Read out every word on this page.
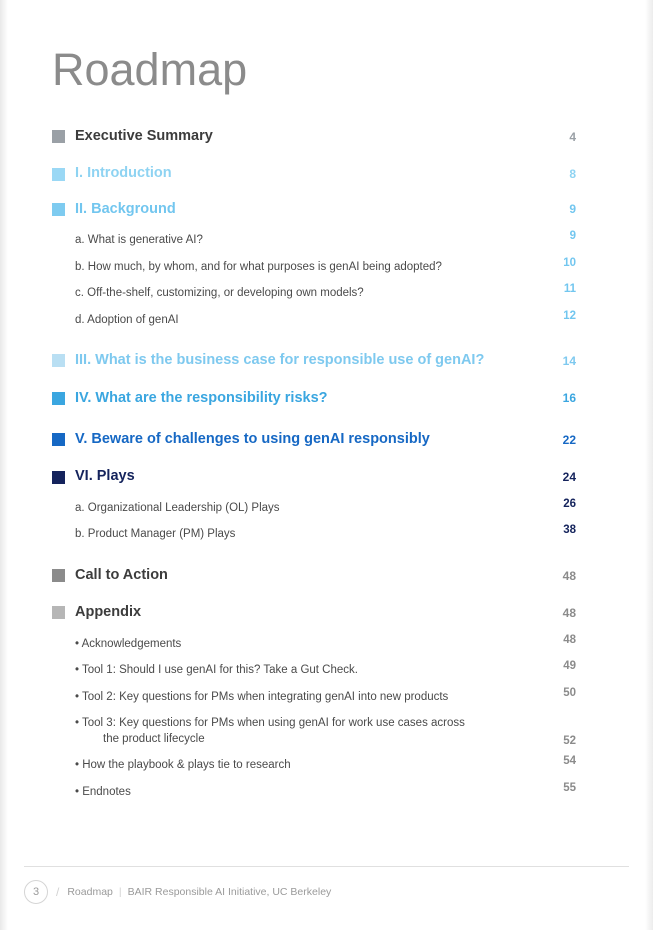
Roadmap
Executive Summary	4
I. Introduction	8
II. Background	9
a. What is generative AI?	9
b. How much, by whom, and for what purposes is genAI being adopted?	10
c. Off-the-shelf, customizing, or developing own models?	11
d. Adoption of genAI	12
III. What is the business case for responsible use of genAI?	14
IV. What are the responsibility risks?	16
V. Beware of challenges to using genAI responsibly	22
VI. Plays	24
a. Organizational Leadership (OL) Plays	26
b. Product Manager (PM) Plays	38
Call to Action	48
Appendix	48
• Acknowledgements	48
• Tool 1: Should I use genAI for this? Take a Gut Check.	49
• Tool 2: Key questions for PMs when integrating genAI into new products	50
• Tool 3: Key questions for PMs when using genAI for work use cases across
the product lifecycle	52
• How the playbook & plays tie to research	54
• Endnotes	55
3	/ Roadmap | BAIR Responsible AI Initiative, UC Berkeley
